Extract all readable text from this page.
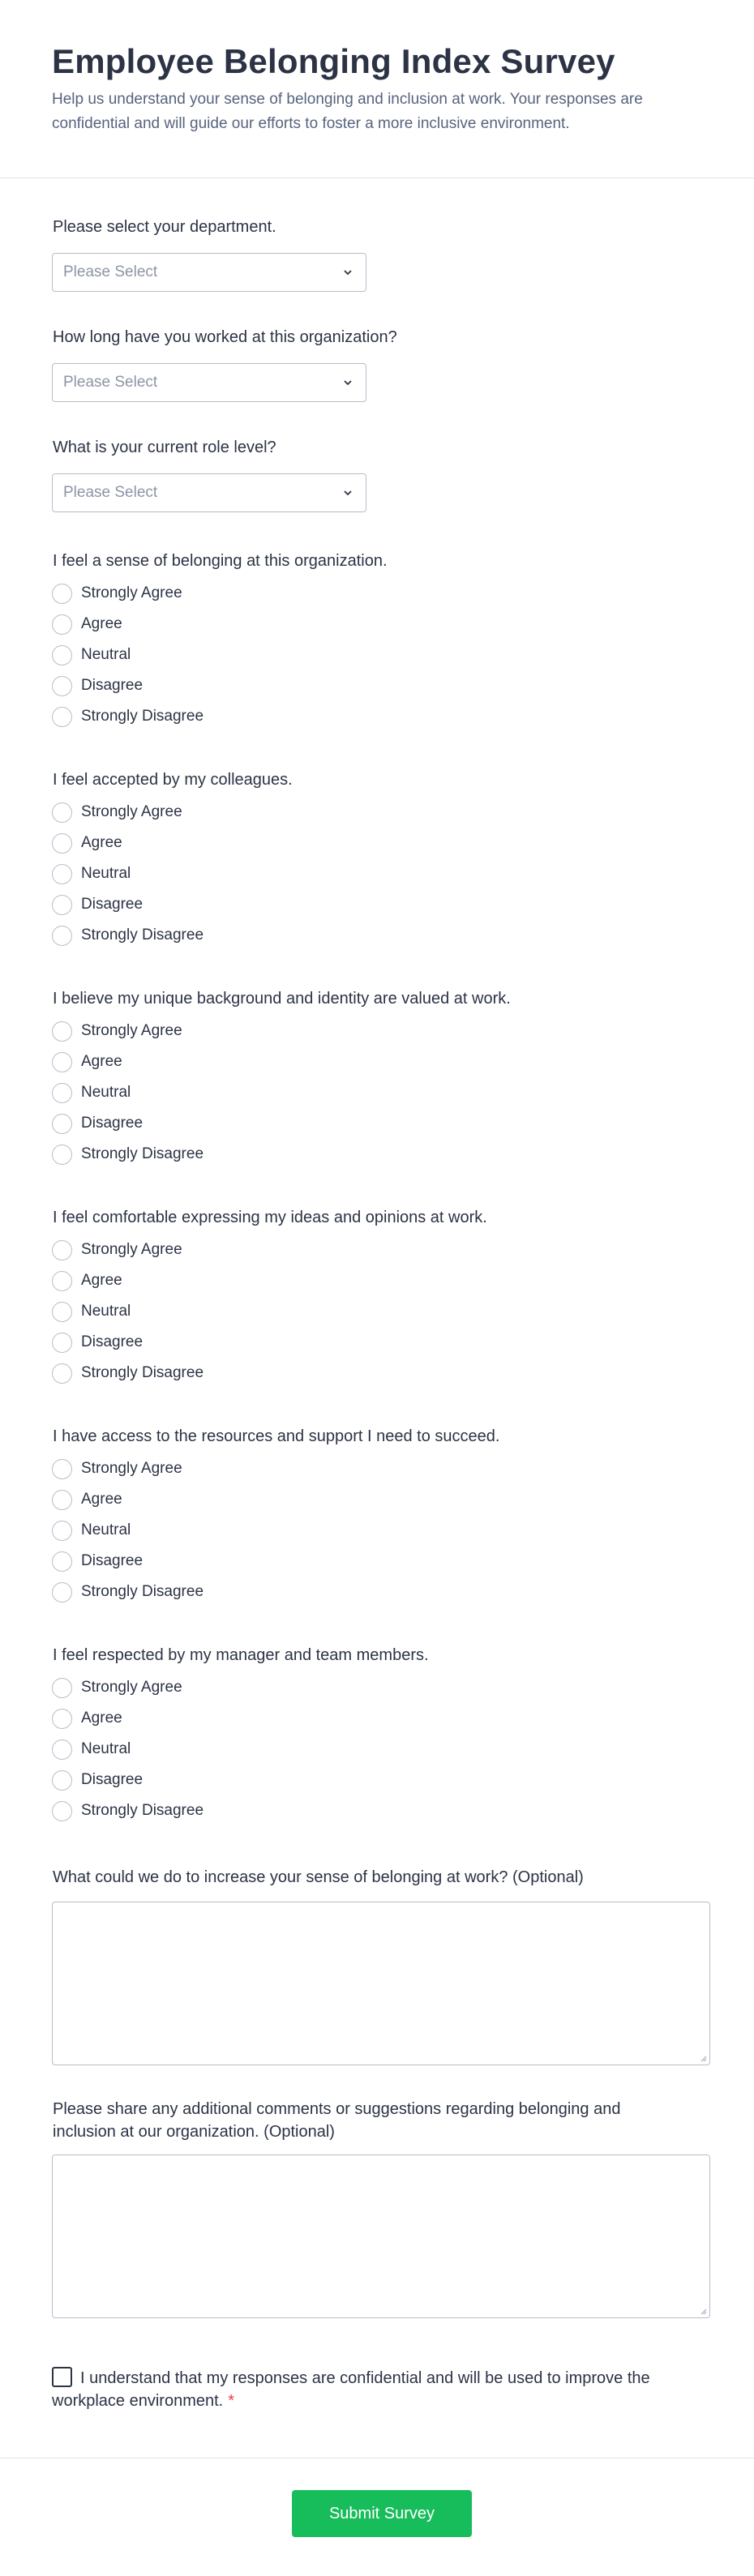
Employee Belonging Index Survey

Help us understand your sense of belonging and inclusion at work. Your responses are confidential and will guide our efforts to foster a more inclusive environment.

Please select your department.
Please Select
How long have you worked at this organization?
Please Select
What is your current role level?
Please Select
I feel a sense of belonging at this organization.
Strongly Agree
Agree
Neutral
Disagree
Strongly Disagree
I feel accepted by my colleagues.
Strongly Agree
Agree
Neutral
Disagree
Strongly Disagree
I believe my unique background and identity are valued at work.
Strongly Agree
Agree
Neutral
Disagree
Strongly Disagree
I feel comfortable expressing my ideas and opinions at work.
Strongly Agree
Agree
Neutral
Disagree
Strongly Disagree
I have access to the resources and support I need to succeed.
Strongly Agree
Agree
Neutral
Disagree
Strongly Disagree
I feel respected by my manager and team members.
Strongly Agree
Agree
Neutral
Disagree
Strongly Disagree
What could we do to increase your sense of belonging at work? (Optional)
Please share any additional comments or suggestions regarding belonging and inclusion at our organization. (Optional)
I understand that my responses are confidential and will be used to improve the workplace environment. *
Submit Survey
